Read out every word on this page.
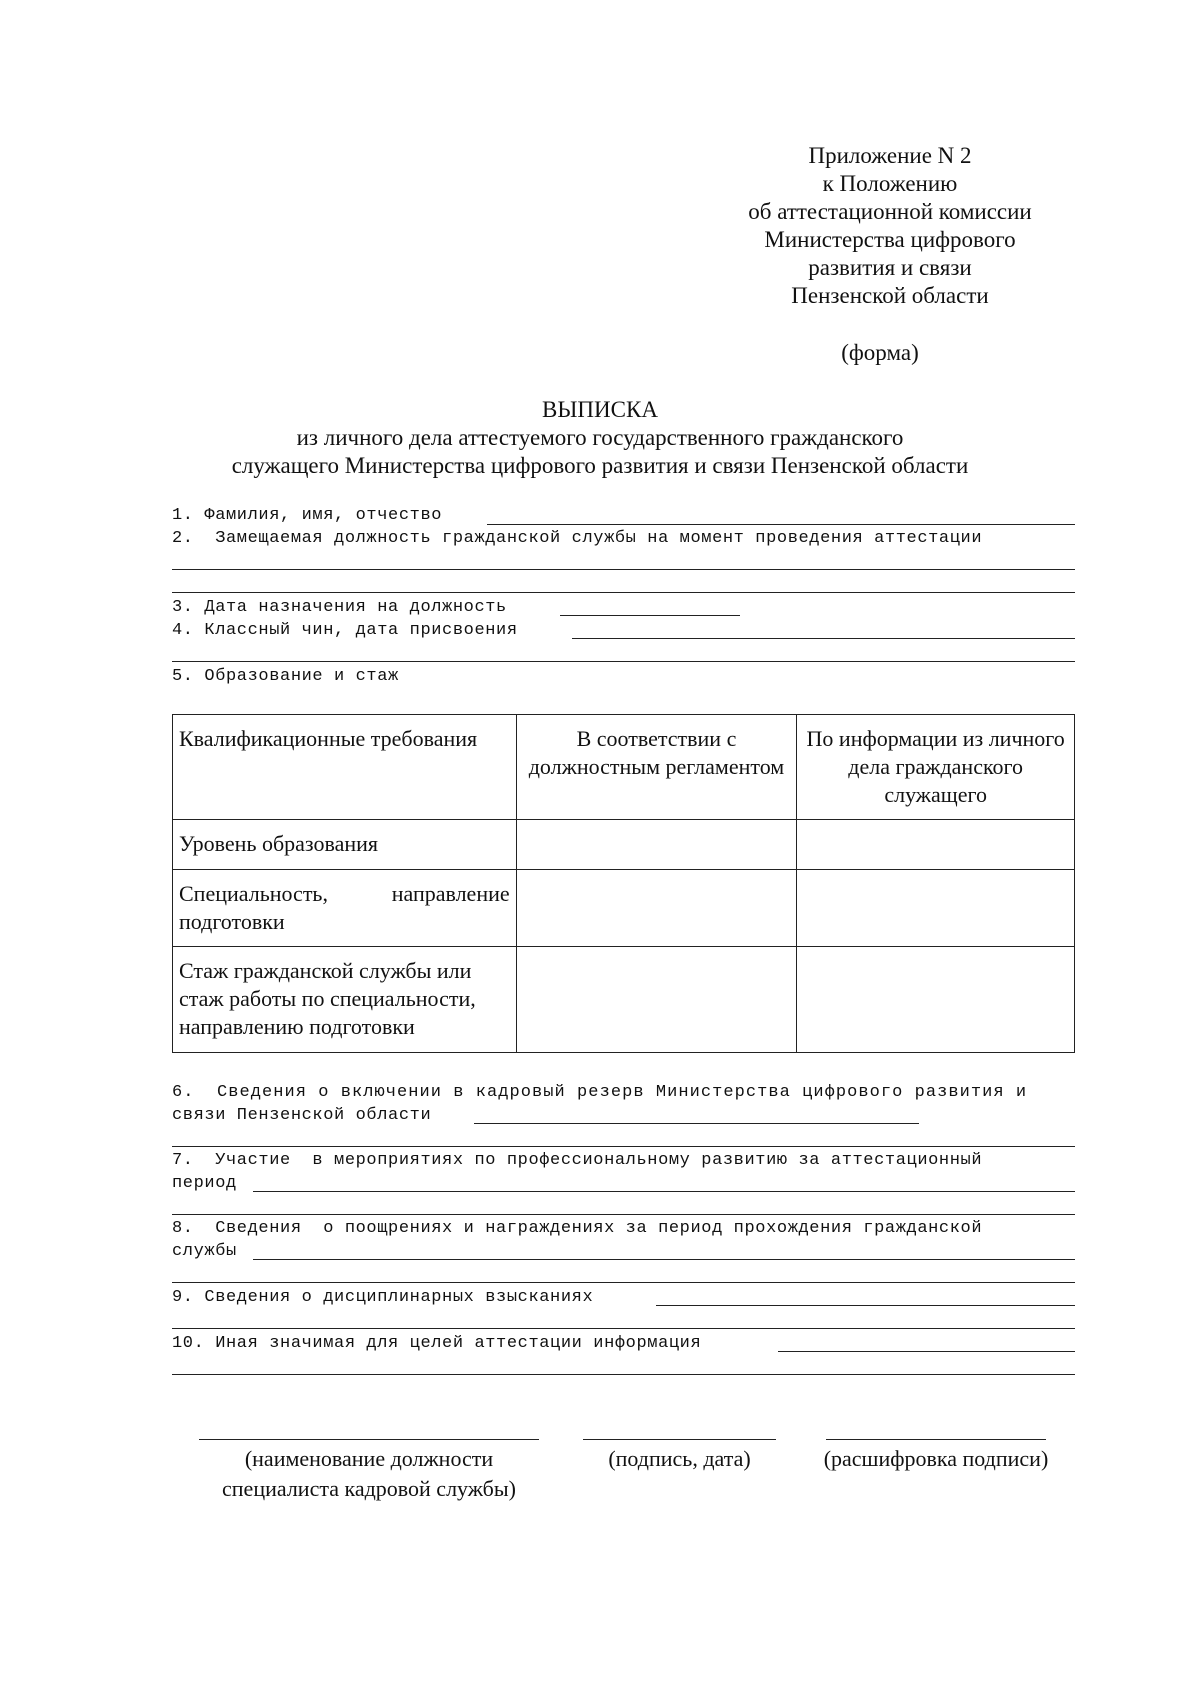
Приложение N 2
к Положению
об аттестационной комиссии
Министерства цифрового
развития и связи
Пензенской области
(форма)
ВЫПИСКА
из личного дела аттестуемого государственного гражданского
служащего Министерства цифрового развития и связи Пензенской области
1. Фамилия, имя, отчество
2.  Замещаемая должность гражданской службы на момент проведения аттестации
3. Дата назначения на должность
4. Классный чин, дата присвоения
5. Образование и стаж
Квалификационные требования	В соответствии с должностным регламентом	По информации из личного дела гражданского служащего
Уровень образования		
Специальность, направление подготовки		
Стаж гражданской службы или стаж работы по специальности, направлению подготовки		
6.  Сведения о включении в кадровый резерв Министерства цифрового развития и
связи Пензенской области
7.  Участие  в мероприятиях по профессиональному развитию за аттестационный
период
8.  Сведения  о поощрениях и награждениях за период прохождения гражданской
службы
9. Сведения о дисциплинарных взысканиях
10. Иная значимая для целей аттестации информация
(наименование должности
специалиста кадровой службы)
(подпись, дата)	(расшифровка подписи)
